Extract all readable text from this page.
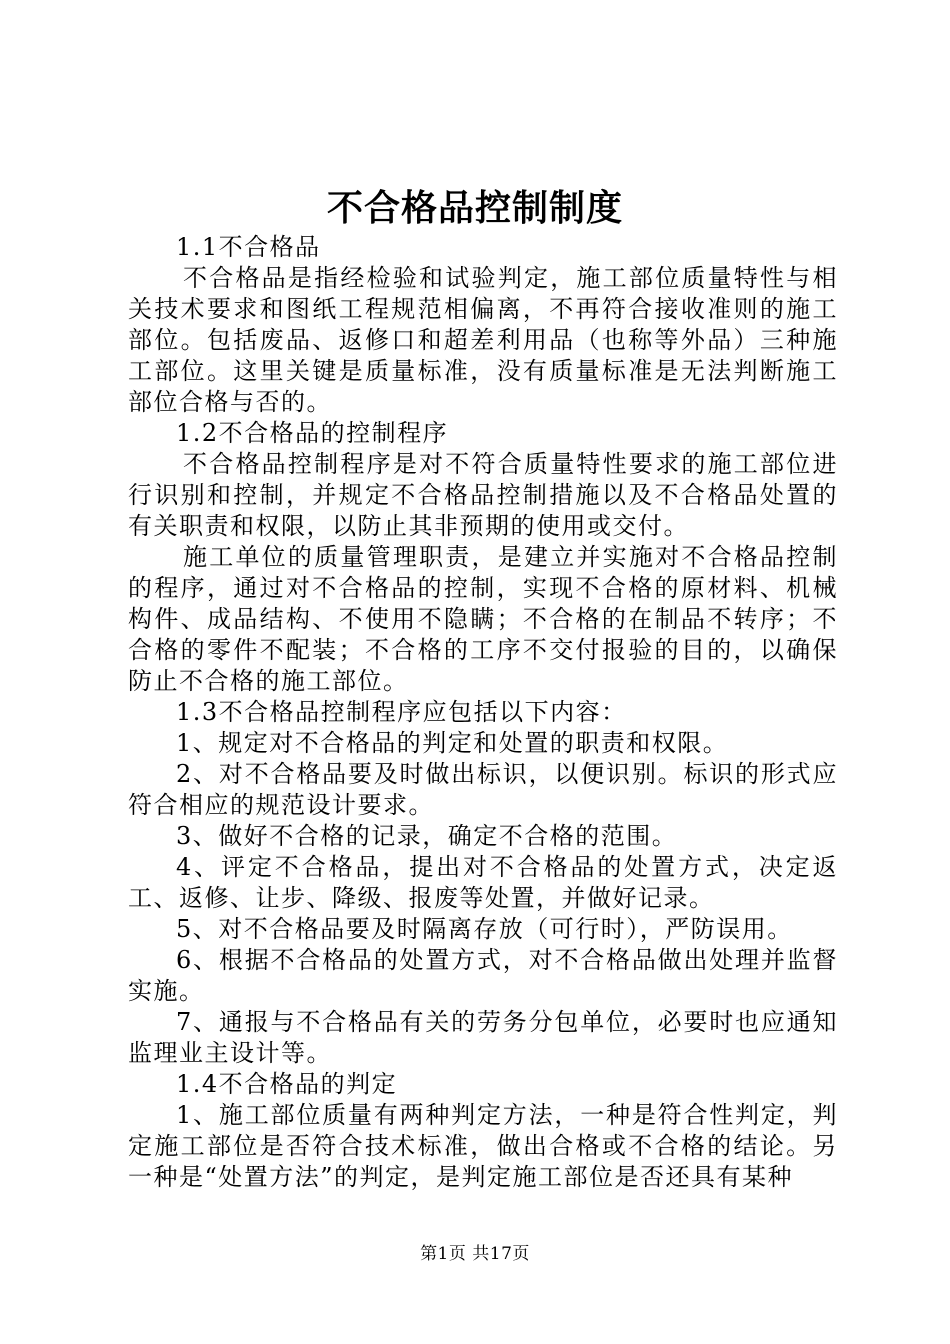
不合格品控制制度

1.1不合格品

不合格品是指经检验和试验判定，施工部位质量特性与相关技术要求和图纸工程规范相偏离，不再符合接收准则的施工部位。包括废品、返修口和超差利用品（也称等外品）三种施工部位。这里关键是质量标准，没有质量标准是无法判断施工部位合格与否的。

1.2不合格品的控制程序

不合格品控制程序是对不符合质量特性要求的施工部位进行识别和控制，并规定不合格品控制措施以及不合格品处置的有关职责和权限，以防止其非预期的使用或交付。

施工单位的质量管理职责，是建立并实施对不合格品控制的程序，通过对不合格品的控制，实现不合格的原材料、机械构件、成品结构、不使用不隐瞒；不合格的在制品不转序；不合格的零件不配装；不合格的工序不交付报验的目的，以确保防止不合格的施工部位。

1.3不合格品控制程序应包括以下内容：

1、规定对不合格品的判定和处置的职责和权限。

2、对不合格品要及时做出标识，以便识别。标识的形式应符合相应的规范设计要求。

3、做好不合格的记录，确定不合格的范围。

4、评定不合格品，提出对不合格品的处置方式，决定返工、返修、让步、降级、报废等处置，并做好记录。

5、对不合格品要及时隔离存放（可行时），严防误用。

6、根据不合格品的处置方式，对不合格品做出处理并监督实施。

7、通报与不合格品有关的劳务分包单位，必要时也应通知监理业主设计等。

1.4不合格品的判定

1、施工部位质量有两种判定方法，一种是符合性判定，判定施工部位是否符合技术标准，做出合格或不合格的结论。另一种是“处置方法”的判定，是判定施工部位是否还具有某种

第1页 共17页
